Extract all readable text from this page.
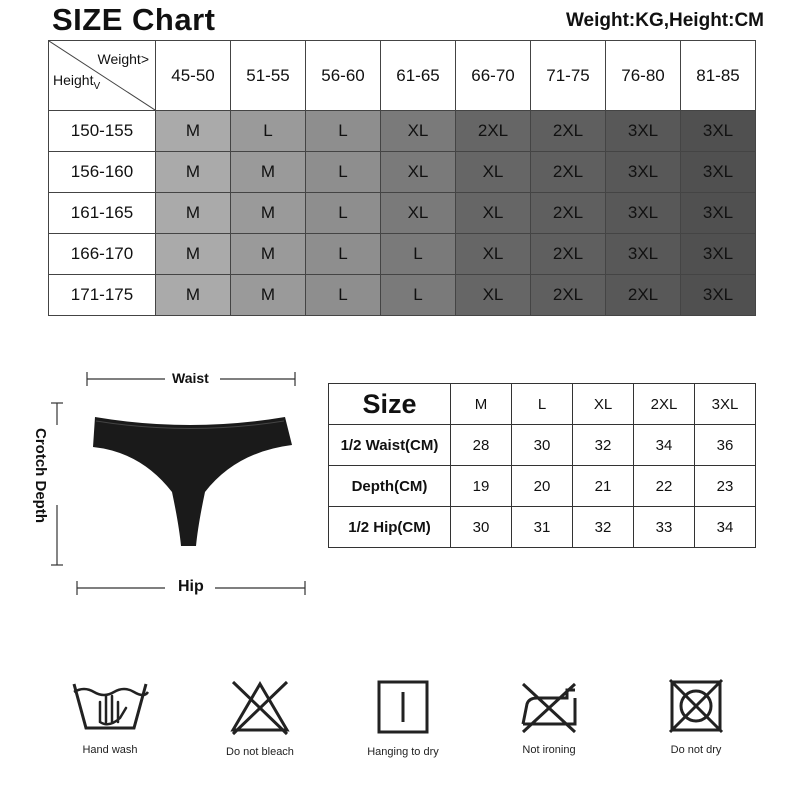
SIZE Chart	Weight:KG,Height:CM
Weight>
Height$_V$	45-50	51-55	56-60	61-65	66-70	71-75	76-80	81-85
150-155	M	L	L	XL	2XL	2XL	3XL	3XL
156-160	M	M	L	XL	XL	2XL	3XL	3XL
161-165	M	M	L	XL	XL	2XL	3XL	3XL
166-170	M	M	L	L	XL	2XL	3XL	3XL
171-175	M	M	L	L	XL	2XL	2XL	3XL
Waist
Crotch Depth
Hip
Size	M	L	XL	2XL	3XL
1/2 Waist(CM)	28	30	32	34	36
Depth(CM)	19	20	21	22	23
1/2 Hip(CM)	30	31	32	33	34
Hand wash	Do not bleach	Hanging to dry	Not ironing	Do not dry
